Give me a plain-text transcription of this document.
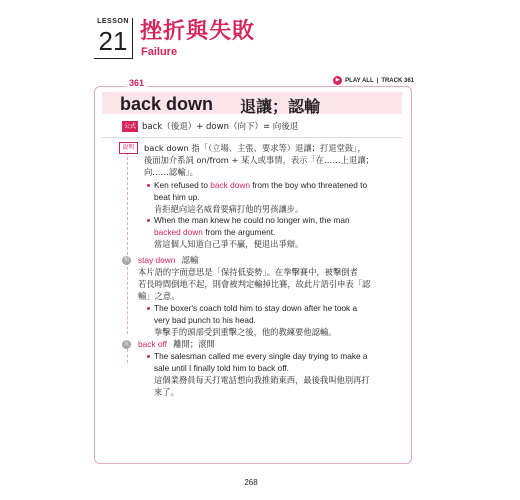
LESSON
21 挫折與失敗
Failure
361	▶ PLAY ALL | TRACK 361
back down 退讓；認輸
公式 back（後退）+ down（向下）= 向後退
說明	back down 指「（立場、主張、要求等）退讓；打退堂鼓」，
後面加介系詞 on/from + 某人或事情，表示「在……上退讓；
向……認輸」。
Ken refused to back down from the boy who threatened to
beat him up.
肯拒絕向這名威脅要痛打他的男孩讓步。
When the man knew he could no longer win, the man
backed down from the argument.
當這個人知道自己爭不贏，便退出爭辯。
相 stay down 認輸
本片語的字面意思是「保持低姿勢」。在拳擊賽中，被擊倒者
若長時間倒地不起，則會被判定輸掉比賽，故此片語引申表「認
輸」之意。
The boxer's coach told him to stay down after he took a
very bad punch to his head.
拳擊手的頭部受到重擊之後，他的教練要他認輸。
反 back off 離開；滾開
The salesman called me every single day trying to make a
sale until I finally told him to back off.
這個業務員每天打電話想向我推銷東西，最後我叫他別再打
來了。
268
